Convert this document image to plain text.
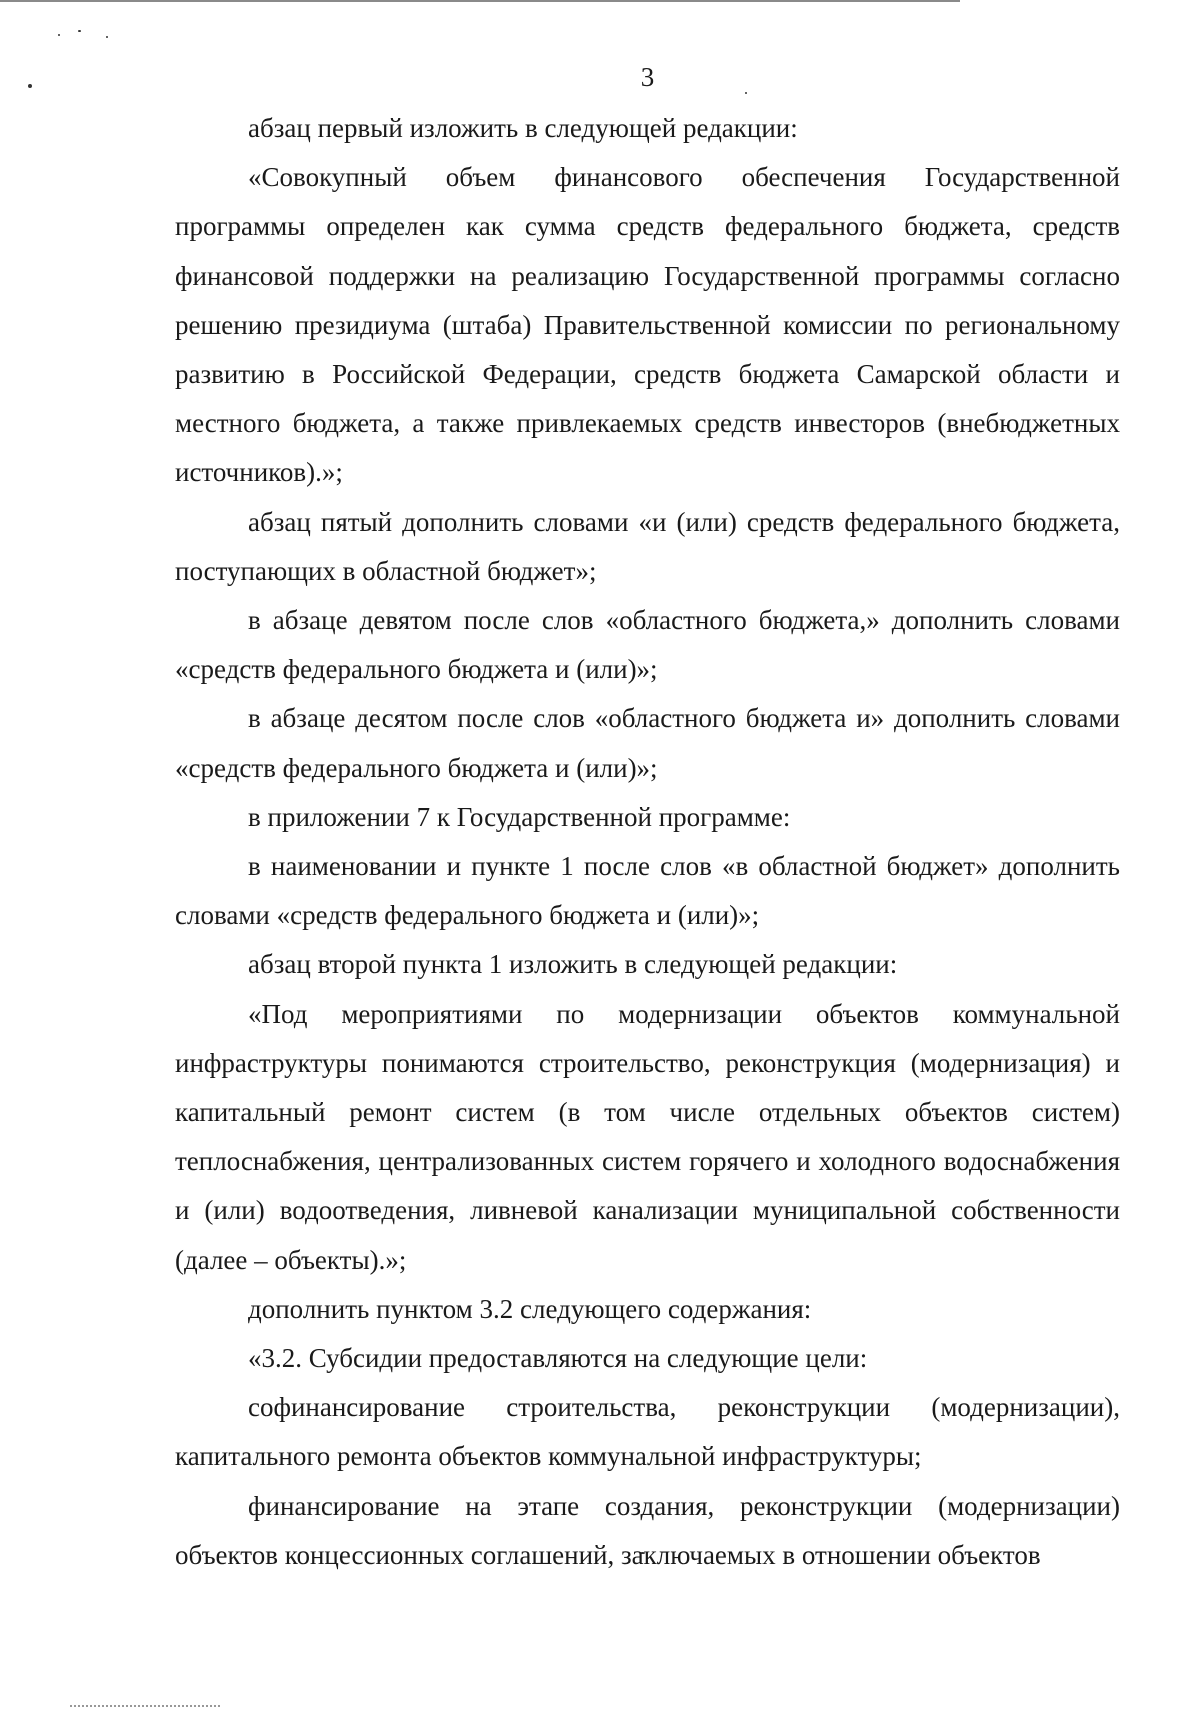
3

абзац первый изложить в следующей редакции:

«Совокупный объем финансового обеспечения Государственной программы определен как сумма средств федерального бюджета, средств финансовой поддержки на реализацию Государственной программы согласно решению президиума (штаба) Правительственной комиссии по региональному развитию в Российской Федерации, средств бюджета Самарской области и местного бюджета, а также привлекаемых средств инвесторов (внебюджетных источников).»;

абзац пятый дополнить словами «и (или) средств федерального бюджета, поступающих в областной бюджет»;

в абзаце девятом после слов «областного бюджета,» дополнить словами «средств федерального бюджета и (или)»;

в абзаце десятом после слов «областного бюджета и» дополнить словами «средств федерального бюджета и (или)»;

в приложении 7 к Государственной программе:

в наименовании и пункте 1 после слов «в областной бюджет» дополнить словами «средств федерального бюджета и (или)»;

абзац второй пункта 1 изложить в следующей редакции:

«Под мероприятиями по модернизации объектов коммунальной инфраструктуры понимаются строительство, реконструкция (модернизация) и капитальный ремонт систем (в том числе отдельных объектов систем) теплоснабжения, централизованных систем горячего и холодного водоснабжения и (или) водоотведения, ливневой канализации муниципальной собственности (далее – объекты).»;

дополнить пунктом 3.2 следующего содержания:

«3.2. Субсидии предоставляются на следующие цели:

софинансирование строительства, реконструкции (модернизации), капитального ремонта объектов коммунальной инфраструктуры;

финансирование на этапе создания, реконструкции (модернизации) объектов концессионных соглашений, заключаемых в отношении объектов
